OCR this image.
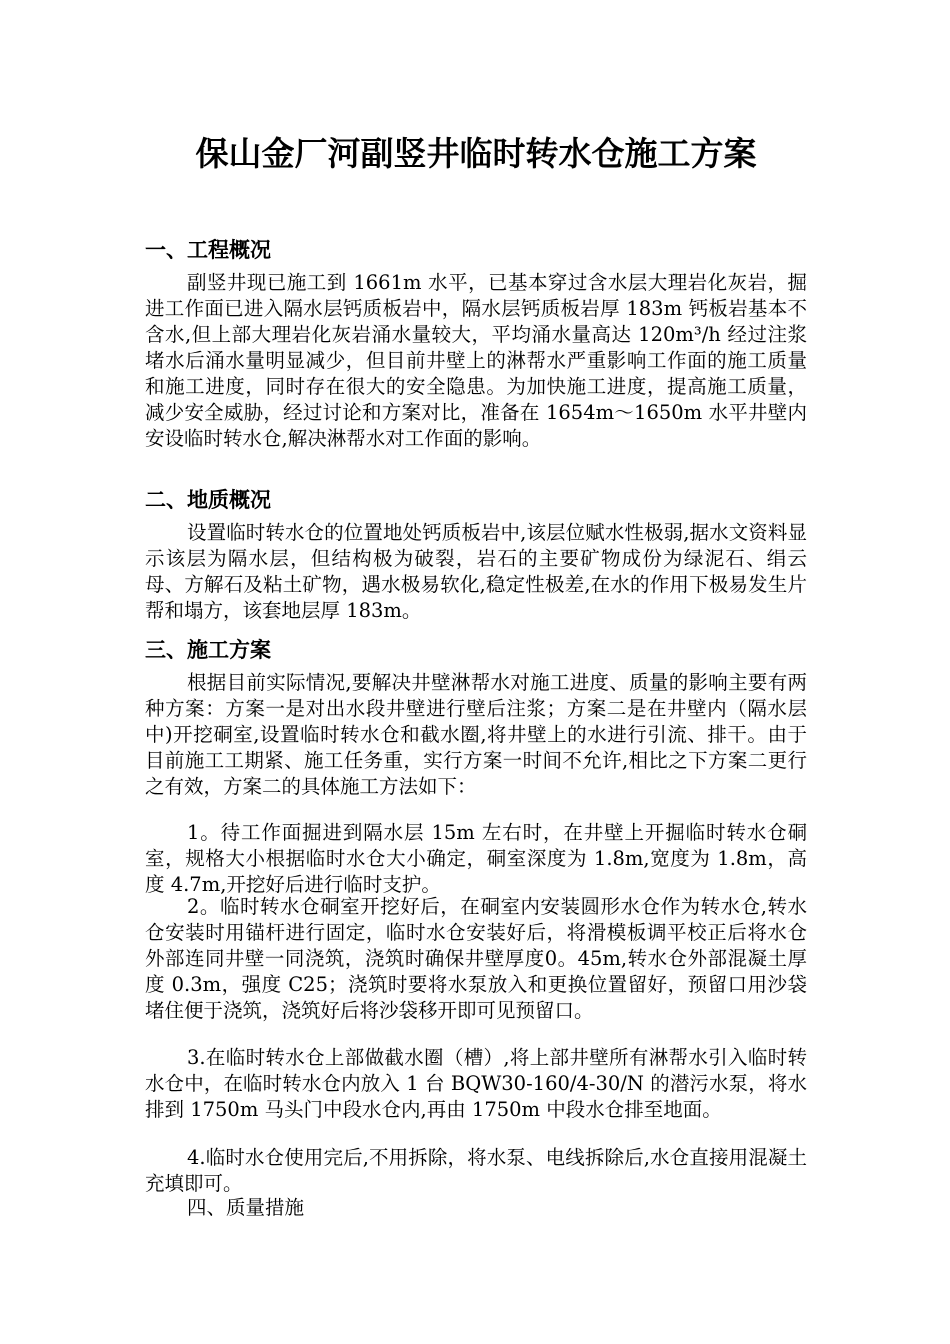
保山金厂河副竖井临时转水仓施工方案
一、工程概况

副竖井现已施工到 1661m 水平，已基本穿过含水层大理岩化灰岩，掘进工作面已进入隔水层钙质板岩中，隔水层钙质板岩厚 183m 钙板岩基本不含水,但上部大理岩化灰岩涌水量较大，平均涌水量高达 120m³/h 经过注浆堵水后涌水量明显减少，但目前井壁上的淋帮水严重影响工作面的施工质量和施工进度，同时存在很大的安全隐患。为加快施工进度，提高施工质量，减少安全威胁，经过讨论和方案对比，准备在 1654m～1650m 水平井壁内安设临时转水仓,解决淋帮水对工作面的影响。

二、地质概况

设置临时转水仓的位置地处钙质板岩中,该层位赋水性极弱,据水文资料显示该层为隔水层，但结构极为破裂，岩石的主要矿物成份为绿泥石、绢云母、方解石及粘土矿物，遇水极易软化,稳定性极差,在水的作用下极易发生片帮和塌方，该套地层厚 183m。

三、施工方案

根据目前实际情况,要解决井壁淋帮水对施工进度、质量的影响主要有两种方案：方案一是对出水段井壁进行壁后注浆；方案二是在井壁内（隔水层中)开挖硐室,设置临时转水仓和截水圈,将井壁上的水进行引流、排干。由于目前施工工期紧、施工任务重，实行方案一时间不允许,相比之下方案二更行之有效，方案二的具体施工方法如下：

1。待工作面掘进到隔水层 15m 左右时，在井壁上开掘临时转水仓硐室，规格大小根据临时水仓大小确定，硐室深度为 1.8m,宽度为 1.8m，高度 4.7m,开挖好后进行临时支护。

2。临时转水仓硐室开挖好后，在硐室内安装圆形水仓作为转水仓,转水仓安装时用锚杆进行固定，临时水仓安装好后，将滑模板调平校正后将水仓外部连同井壁一同浇筑，浇筑时确保井壁厚度0。45m,转水仓外部混凝土厚度 0.3m，强度 C25；浇筑时要将水泵放入和更换位置留好，预留口用沙袋堵住便于浇筑，浇筑好后将沙袋移开即可见预留口。

3.在临时转水仓上部做截水圈（槽）,将上部井壁所有淋帮水引入临时转水仓中，在临时转水仓内放入 1 台 BQW30-160/4-30/N 的潜污水泵，将水排到 1750m 马头门中段水仓内,再由 1750m 中段水仓排至地面。

4.临时水仓使用完后,不用拆除，将水泵、电线拆除后,水仓直接用混凝土充填即可。

四、质量措施
